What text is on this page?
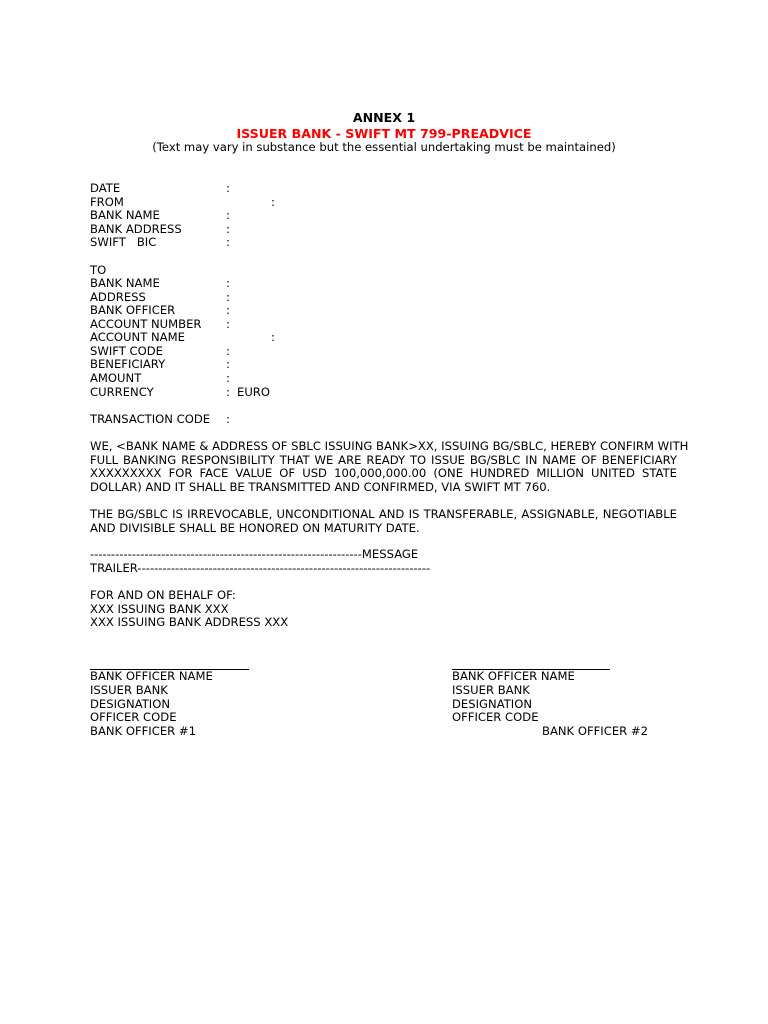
ANNEX 1
ISSUER BANK - SWIFT MT 799-PREADVICE
(Text may vary in substance but the essential undertaking must be maintained)
DATE	:
FROM	:
BANK NAME	:
BANK ADDRESS	:
SWIFT   BIC	:
TO
BANK NAME	:
ADDRESS	:
BANK OFFICER	:
ACCOUNT NUMBER :
ACCOUNT NAME	:
SWIFT CODE	:
BENEFICIARY	:
AMOUNT	:
CURRENCY	: EURO
TRANSACTION CODE :
WE, <BANK NAME & ADDRESS OF SBLC ISSUING BANK>XX, ISSUING BG/SBLC, HEREBY CONFIRM WITH
FULL BANKING RESPONSIBILITY THAT WE ARE READY TO ISSUE BG/SBLC IN NAME OF BENEFICIARY
XXXXXXXXX FOR FACE VALUE OF USD 100,000,000.00 (ONE HUNDRED MILLION UNITED STATE
DOLLAR) AND IT SHALL BE TRANSMITTED AND CONFIRMED, VIA SWIFT MT 760.
THE BG/SBLC IS IRREVOCABLE, UNCONDITIONAL AND IS TRANSFERABLE, ASSIGNABLE, NEGOTIABLE
AND DIVISIBLE SHALL BE HONORED ON MATURITY DATE.
-----------------------------------------------------------------MESSAGE
TRAILER----------------------------------------------------------------------
FOR AND ON BEHALF OF:
XXX ISSUING BANK XXX
XXX ISSUING BANK ADDRESS XXX
BANK OFFICER NAME
ISSUER BANK
DESIGNATION
OFFICER CODE
BANK OFFICER #1
BANK OFFICER NAME
ISSUER BANK
DESIGNATION
OFFICER CODE
BANK OFFICER #2
